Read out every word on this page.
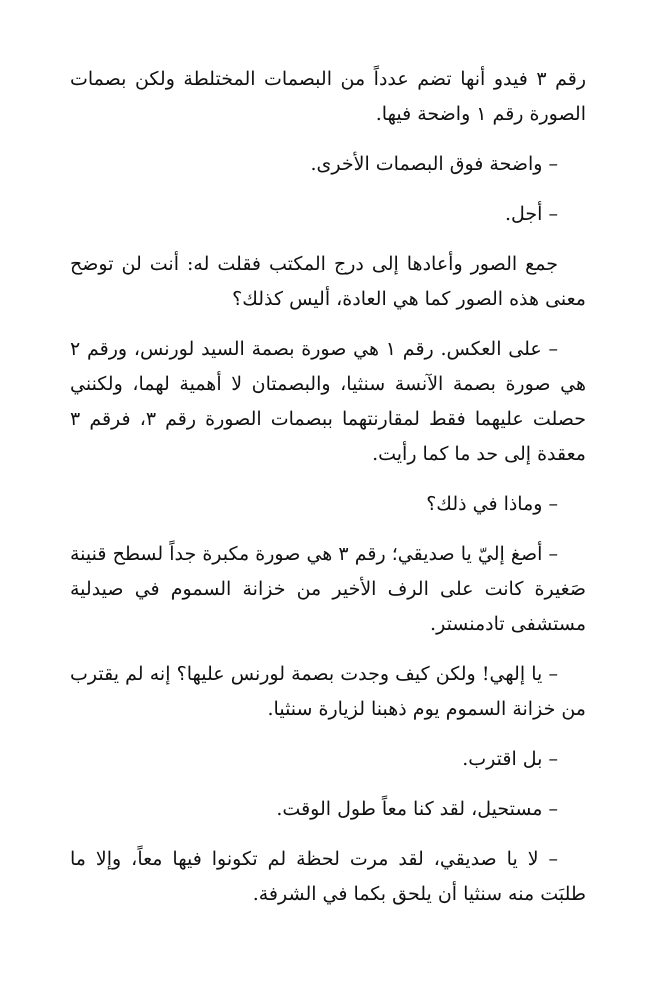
رقم ٣ فيدو أنها تضم عدداً من البصمات المختلطة ولكن بصمات الصورة رقم ١ واضحة فيها.

– واضحة فوق البصمات الأخرى.

– أجل.

جمع الصور وأعادها إلى درج المكتب فقلت له: أنت لن توضح معنى هذه الصور كما هي العادة، أليس كذلك؟

– على العكس. رقم ١ هي صورة بصمة السيد لورنس، ورقم ٢ هي صورة بصمة الآنسة سنثيا، والبصمتان لا أهمية لهما، ولكنني حصلت عليهما فقط لمقارنتهما ببصمات الصورة رقم ٣، فرقم ٣ معقدة إلى حد ما كما رأيت.

– وماذا في ذلك؟

– أصغ إليّ يا صديقي؛ رقم ٣ هي صورة مكبرة جداً لسطح قنينة صَغيرة كانت على الرف الأخير من خزانة السموم في صيدلية مستشفى تادمنستر.

– يا إلهي! ولكن كيف وجدت بصمة لورنس عليها؟ إنه لم يقترب من خزانة السموم يوم ذهبنا لزيارة سنثيا.

– بل اقترب.

– مستحيل، لقد كنا معاً طول الوقت.

– لا يا صديقي، لقد مرت لحظة لم تكونوا فيها معاً، وإلا ما طلبَت منه سنثيا أن يلحق بكما في الشرفة.
